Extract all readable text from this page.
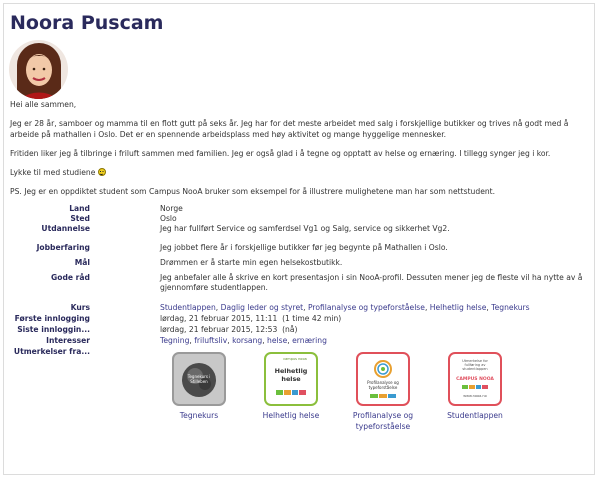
Noora Puscam

Hei alle sammen,

Jeg er 28 år, samboer og mamma til en flott gutt på seks år. Jeg har for det meste arbeidet med salg i forskjellige butikker og trives nå godt med å arbeide på mathallen i Oslo. Det er en spennende arbeidsplass med høy aktivitet og mange hyggelige mennesker.

Fritiden liker jeg å tilbringe i friluft sammen med familien. Jeg er også glad i å tegne og opptatt av helse og ernæring. I tillegg synger jeg i kor.

Lykke til med studiene

PS. Jeg er en oppdiktet student som Campus NooA bruker som eksempel for å illustrere mulighetene man har som nettstudent.

Land	Norge
Sted	Oslo
Utdannelse	Jeg har fullført Service og samferdsel Vg1 og Salg, service og sikkerhet Vg2.
Jobberfaring	Jeg jobbet flere år i forskjellige butikker før jeg begynte på Mathallen i Oslo.
Mål	Drømmen er å starte min egen helsekostbutikk.
Gode råd	Jeg anbefaler alle å skrive en kort presentasjon i sin NooA-profil. Dessuten mener jeg de fleste vil ha nytte av å gjennomføre studentlappen.
Kurs	Studentlappen, Daglig leder og styret, Profilanalyse og typeforståelse, Helhetlig helse, Tegnekurs
Første innlogging	lørdag, 21 februar 2015, 11:11  (1 time 42 min)
Siste innloggin...	lørdag, 21 februar 2015, 12:53  (nå)
Interesser	Tegning, friluftsliv, korsang, helse, ernæring
Utmerkelser fra...
Tegnekurs i Stilleben
Tegnekurs
campus nooa
Helhetlig helse
Helhetlig helse
Profilanalyse og typeforståelse
Profilanalyse og typeforståelse
Utmerkelse for fullføring av studentlappen
CAMPUS NOOA
www.nooa.no
Studentlappen
